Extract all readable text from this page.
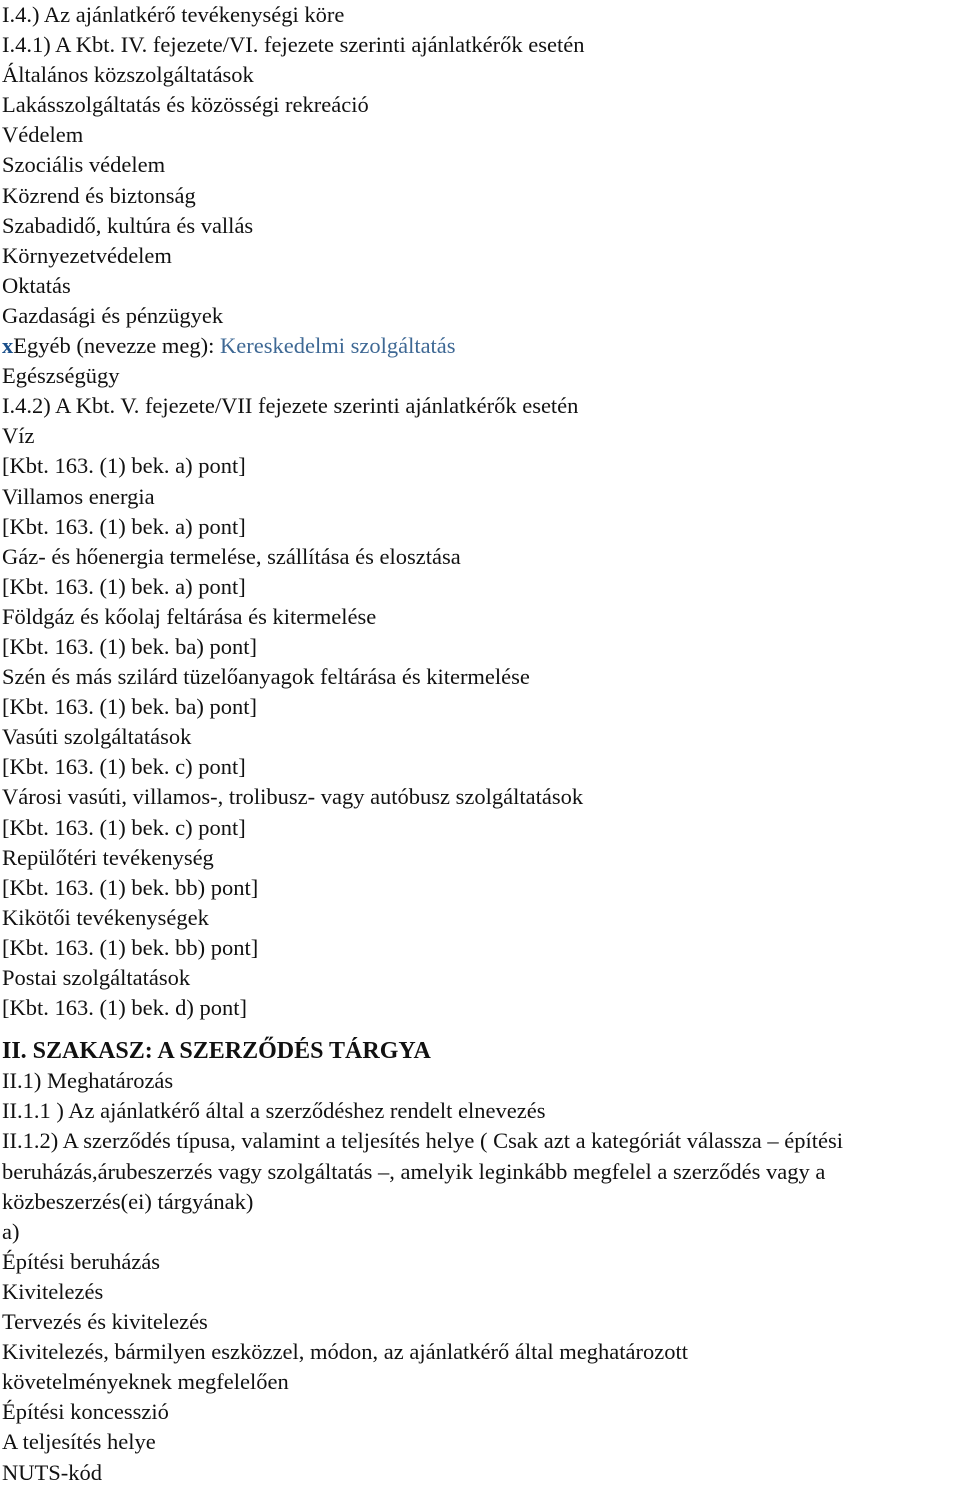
I.4.) Az ajánlatkérő tevékenységi köre
I.4.1) A Kbt. IV. fejezete/VI. fejezete szerinti ajánlatkérők esetén
Általános közszolgáltatások
Lakásszolgáltatás és közösségi rekreáció
Védelem
Szociális védelem
Közrend és biztonság
Szabadidő, kultúra és vallás
Környezetvédelem
Oktatás
Gazdasági és pénzügyek
xEgyéb (nevezze meg): Kereskedelmi szolgáltatás
Egészségügy
I.4.2) A Kbt. V. fejezete/VII fejezete szerinti ajánlatkérők esetén
Víz
[Kbt. 163. (1) bek. a) pont]
Villamos energia
[Kbt. 163. (1) bek. a) pont]
Gáz- és hőenergia termelése, szállítása és elosztása
[Kbt. 163. (1) bek. a) pont]
Földgáz és kőolaj feltárása és kitermelése
[Kbt. 163. (1) bek. ba) pont]
Szén és más szilárd tüzelőanyagok feltárása és kitermelése
[Kbt. 163. (1) bek. ba) pont]
Vasúti szolgáltatások
[Kbt. 163. (1) bek. c) pont]
Városi vasúti, villamos-, trolibusz- vagy autóbusz szolgáltatások
[Kbt. 163. (1) bek. c) pont]
Repülőtéri tevékenység
[Kbt. 163. (1) bek. bb) pont]
Kikötői tevékenységek
[Kbt. 163. (1) bek. bb) pont]
Postai szolgáltatások
[Kbt. 163. (1) bek. d) pont]
II. SZAKASZ: A SZERZŐDÉS TÁRGYA
II.1) Meghatározás
II.1.1 ) Az ajánlatkérő által a szerződéshez rendelt elnevezés
II.1.2) A szerződés típusa, valamint a teljesítés helye ( Csak azt a kategóriát válassza – építési beruházás,árubeszerzés vagy szolgáltatás –, amelyik leginkább megfelel a szerződés vagy a közbeszerzés(ei) tárgyának)
a)
Építési beruházás
Kivitelezés
Tervezés és kivitelezés
Kivitelezés, bármilyen eszközzel, módon, az ajánlatkérő által meghatározott követelményeknek megfelelően
Építési koncesszió
A teljesítés helye
NUTS-kód
